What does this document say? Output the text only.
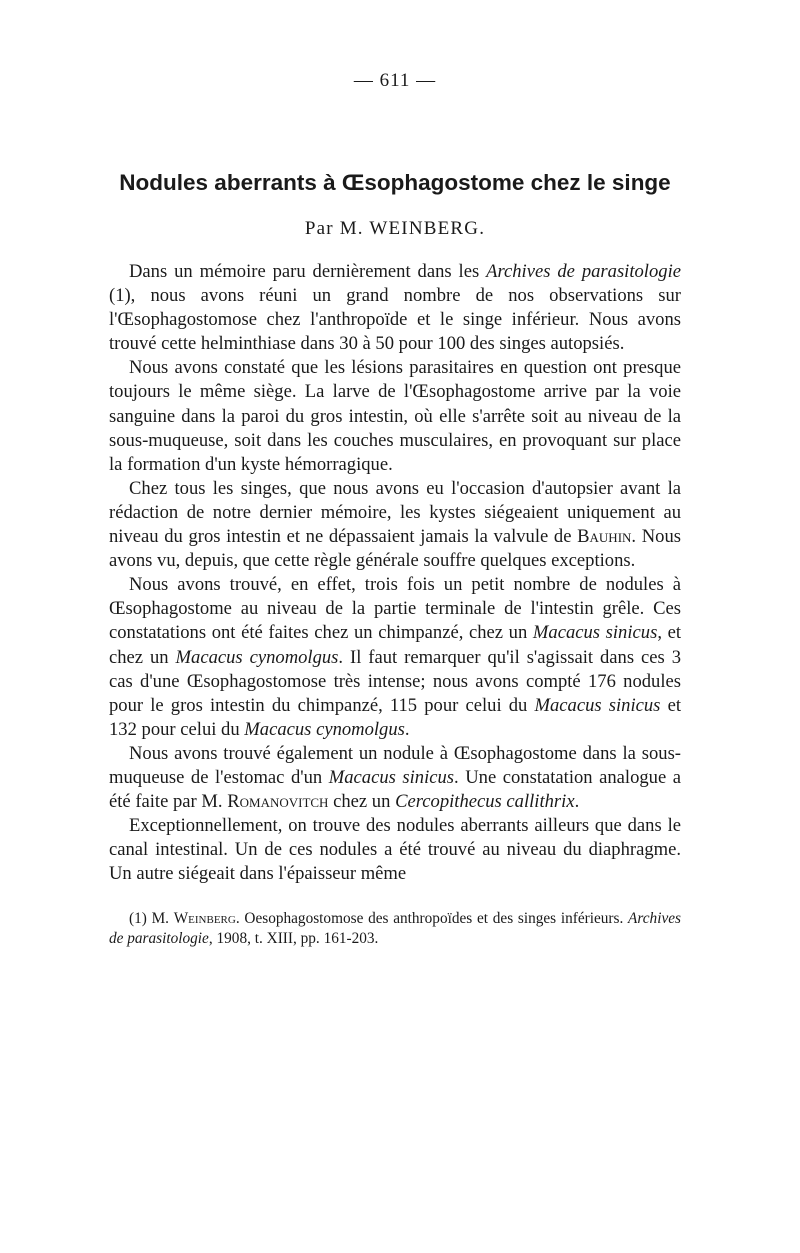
— 611 —
Nodules aberrants à Œsophagostome chez le singe
Par M. WEINBERG.

Dans un mémoire paru dernièrement dans les Archives de parasitologie (1), nous avons réuni un grand nombre de nos observations sur l'Œsophagostomose chez l'anthropoïde et le singe inférieur. Nous avons trouvé cette helminthiase dans 30 à 50 pour 100 des singes autopsiés.

Nous avons constaté que les lésions parasitaires en question ont presque toujours le même siège. La larve de l'Œsophagostome arrive par la voie sanguine dans la paroi du gros intestin, où elle s'arrête soit au niveau de la sous-muqueuse, soit dans les couches musculaires, en provoquant sur place la formation d'un kyste hémorragique.

Chez tous les singes, que nous avons eu l'occasion d'autopsier avant la rédaction de notre dernier mémoire, les kystes siégeaient uniquement au niveau du gros intestin et ne dépassaient jamais la valvule de Bauhin. Nous avons vu, depuis, que cette règle générale souffre quelques exceptions.

Nous avons trouvé, en effet, trois fois un petit nombre de nodules à Œsophagostome au niveau de la partie terminale de l'intestin grêle. Ces constatations ont été faites chez un chimpanzé, chez un Macacus sinicus, et chez un Macacus cynomolgus. Il faut remarquer qu'il s'agissait dans ces 3 cas d'une Œsophagostomose très intense; nous avons compté 176 nodules pour le gros intestin du chimpanzé, 115 pour celui du Macacus sinicus et 132 pour celui du Macacus cynomolgus.

Nous avons trouvé également un nodule à Œsophagostome dans la sous-muqueuse de l'estomac d'un Macacus sinicus. Une constatation analogue a été faite par M. Romanovitch chez un Cercopithecus callithrix.

Exceptionnellement, on trouve des nodules aberrants ailleurs que dans le canal intestinal. Un de ces nodules a été trouvé au niveau du diaphragme. Un autre siégeait dans l'épaisseur même

(1) M. Weinberg. Oesophagostomose des anthropoïdes et des singes inférieurs. Archives de parasitologie, 1908, t. XIII, pp. 161-203.
